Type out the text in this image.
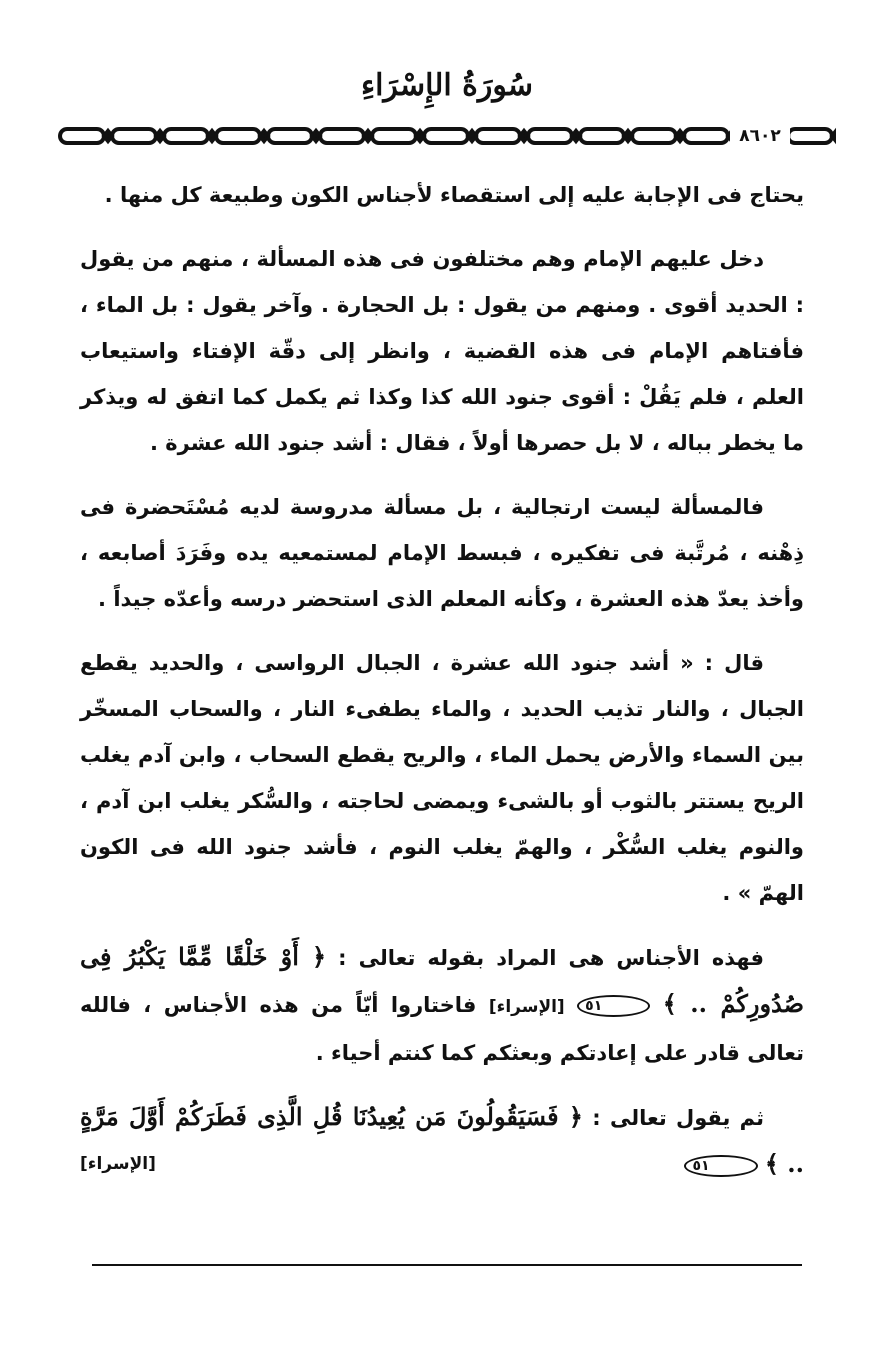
سُورَةُ الإِسْرَاءِ
٨٦٠٢

يحتاج فى الإجابة عليه إلى استقصاء لأجناس الكون وطبيعة كل منها .

دخل عليهم الإمام وهم مختلفون فى هذه المسألة ، منهم من يقول : الحديد أقوى . ومنهم من يقول : بل الحجارة . وآخر يقول : بل الماء ، فأفتاهم الإمام فى هذه القضية ، وانظر إلى دقّة الإفتاء واستيعاب العلم ، فلم يَقُلْ : أقوى جنود الله كذا وكذا ثم يكمل كما اتفق له ويذكر ما يخطر بباله ، لا بل حصرها أولاً ، فقال : أشد جنود الله عشرة .

فالمسألة ليست ارتجالية ، بل مسألة مدروسة لديه مُسْتَحضرة فى ذِهْنه ، مُرتَّبة فى تفكيره ، فبسط الإمام لمستمعيه يده وفَرَدَ أصابعه ، وأخذ يعدّ هذه العشرة ، وكأنه المعلم الذى استحضر درسه وأعدّه جيداً .

قال : « أشد جنود الله عشرة ، الجبال الرواسى ، والحديد يقطع الجبال ، والنار تذيب الحديد ، والماء يطفىء النار ، والسحاب المسخّر بين السماء والأرض يحمل الماء ، والريح يقطع السحاب ، وابن آدم يغلب الريح يستتر بالثوب أو بالشىء ويمضى لحاجته ، والسُّكر يغلب ابن آدم ، والنوم يغلب السُّكْر ، والهمّ يغلب النوم ، فأشد جنود الله فى الكون الهمّ » .

فهذه الأجناس هى المراد بقوله تعالى : ﴿ أَوْ خَلْقًا مِّمَّا يَكْبُرُ فِى صُدُورِكُمْ .. ﴾ ٥١ [الإسراء] فاختاروا أيّاً من هذه الأجناس ، فالله تعالى قادر على إعادتكم وبعثكم كما كنتم أحياء .

ثم يقول تعالى : ﴿ فَسَيَقُولُونَ مَن يُعِيدُنَا قُلِ الَّذِى فَطَرَكُمْ أَوَّلَ مَرَّةٍ .. ﴾ ٥١
[الإسراء]
